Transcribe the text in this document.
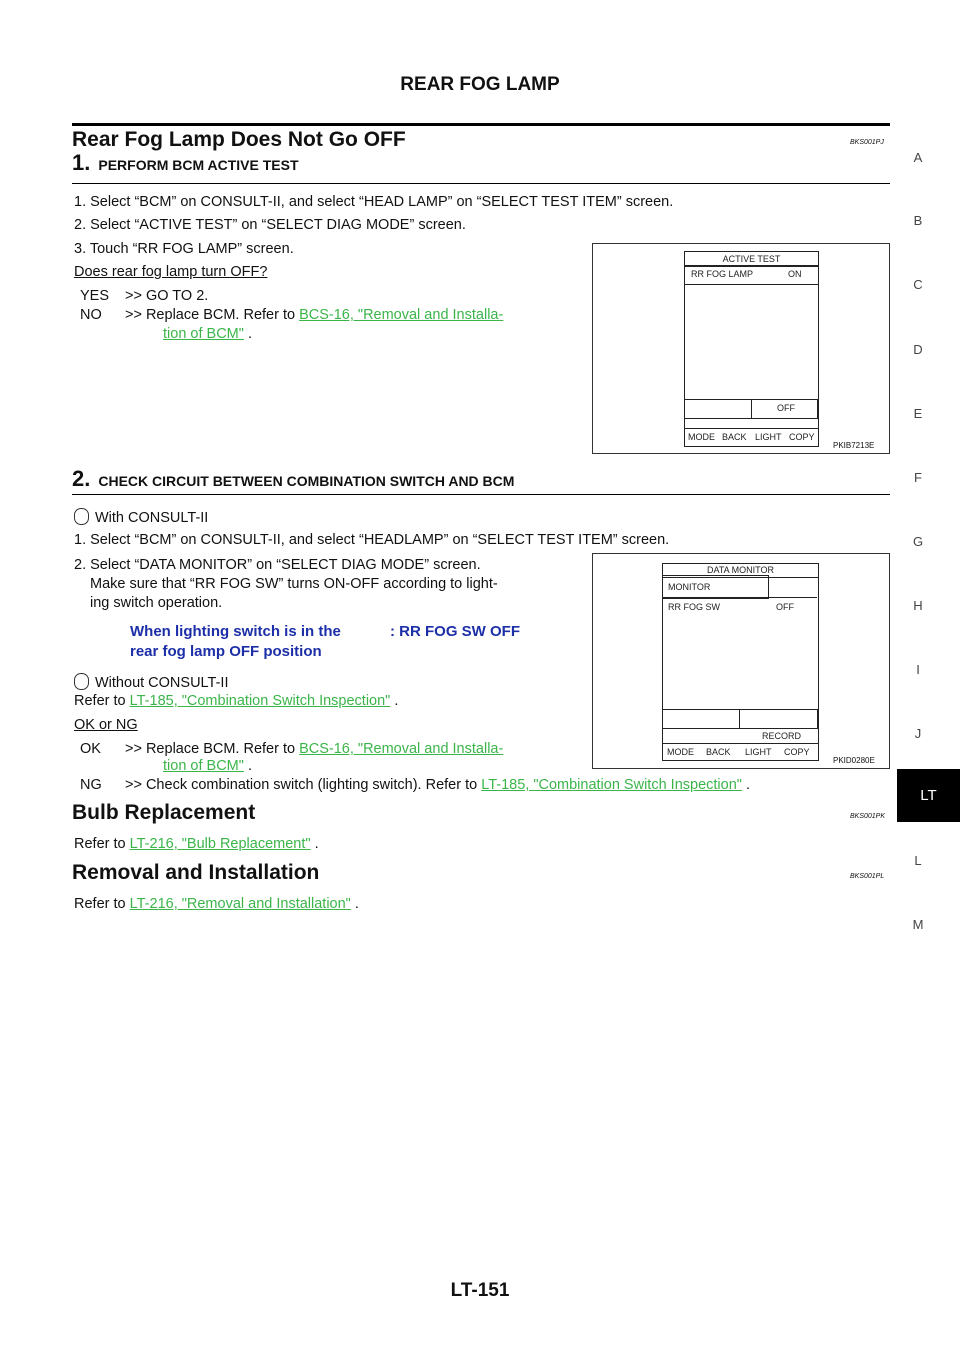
REAR FOG LAMP
A
B
C
D
E
F
G
H
I
J
LT
L
M
Rear Fog Lamp Does Not Go OFF	BKS001PJ
1. PERFORM BCM ACTIVE TEST
1. Select “BCM” on CONSULT-II, and select “HEAD LAMP” on “SELECT TEST ITEM” screen.
2. Select “ACTIVE TEST” on “SELECT DIAG MODE” screen.
3. Touch “RR FOG LAMP” screen.
Does rear fog lamp turn OFF?
YES >> GO TO 2.
NO >> Replace BCM. Refer to BCS-16, "Removal and Installa-
tion of BCM" .
ACTIVE TEST
RR FOG LAMP	ON
OFF
MODE BACK LIGHT COPY
PKIB7213E
2. CHECK CIRCUIT BETWEEN COMBINATION SWITCH AND BCM
With CONSULT-II
1. Select “BCM” on CONSULT-II, and select “HEADLAMP” on “SELECT TEST ITEM” screen.
2. Select “DATA MONITOR” on “SELECT DIAG MODE” screen.
Make sure that “RR FOG SW” turns ON-OFF according to light-
ing switch operation.
When lighting switch is in the
rear fog lamp OFF position
: RR FOG SW OFF
Without CONSULT-II
Refer to LT-185, "Combination Switch Inspection" .
OK or NG
OK >> Replace BCM. Refer to BCS-16, "Removal and Installa-
tion of BCM" .
NG >> Check combination switch (lighting switch). Refer to LT-185, "Combination Switch Inspection" .
DATA MONITOR
MONITOR
RR FOG SW	OFF
RECORD
MODE BACK LIGHT COPY
PKID0280E
Bulb Replacement	BKS001PK
Refer to LT-216, "Bulb Replacement" .
Removal and Installation	BKS001PL
Refer to LT-216, "Removal and Installation" .
LT-151
